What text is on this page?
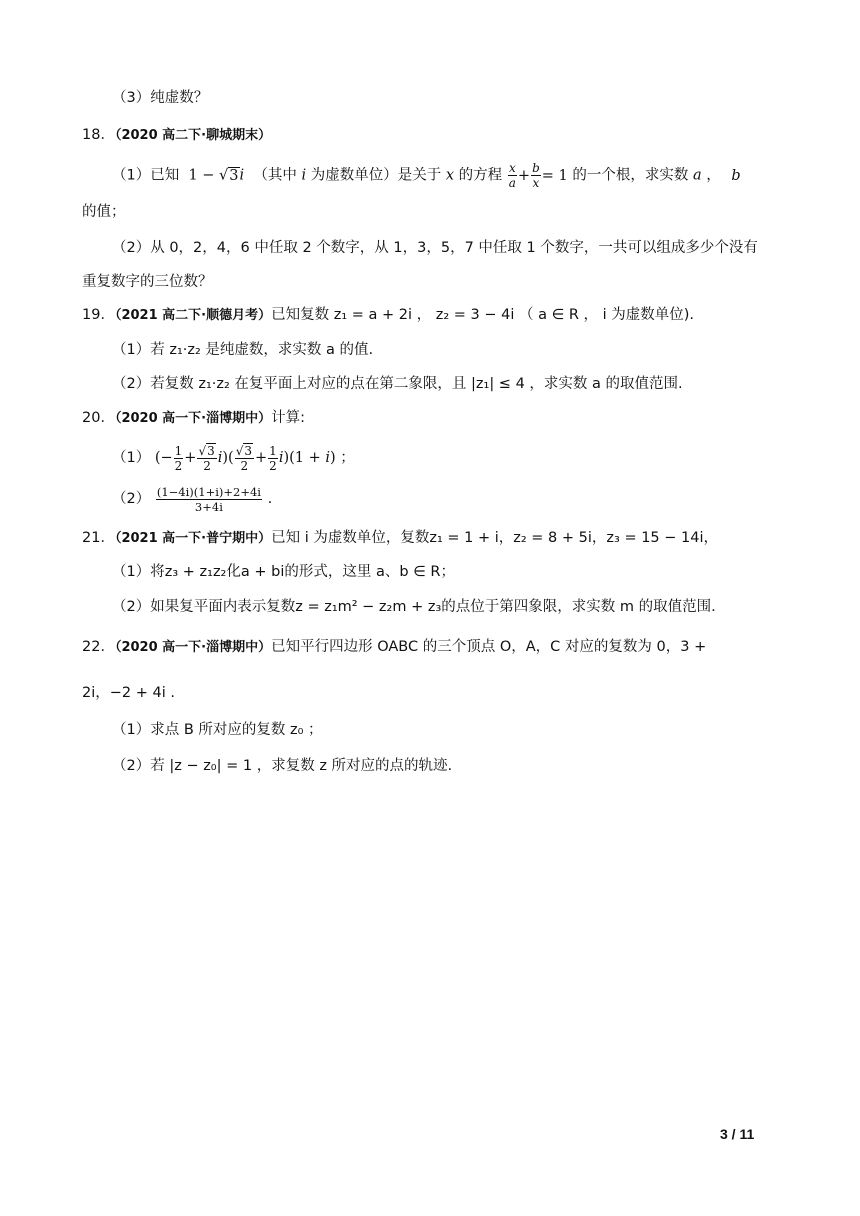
（3）纯虚数？
18．（2020 高二下·聊城期末）
（1）已知  1 − √3i （其中 i 为虚数单位）是关于 x 的方程 $\frac{x}{a} + \frac{b}{x} = 1$ 的一个根，求实数 a ， b
的值；
（2）从 0，2，4，6 中任取 2 个数字，从 1，3，5，7 中任取 1 个数字，一共可以组成多少个没有
重复数字的三位数？
19．（2021 高二下·顺德月考）已知复数 z₁ = a + 2i ， z₂ = 3 − 4i （ a ∈ R ， i 为虚数单位).
（1）若 z₁·z₂ 是纯虚数，求实数 a 的值.
（2）若复数 z₁·z₂ 在复平面上对应的点在第二象限，且 |z₁| ≤ 4 ，求实数 a 的取值范围.
20．（2020 高一下·淄博期中）计算:
（1） (− $\frac{1}{2} + \frac{√3}{2} i)( \frac{√3}{2} + \frac{1}{2} i)(1 + i)$ ；
$(2) \frac{(1-4i)(1+i)+2+4i}{3+4i}$ .
21．（2021 高一下·普宁期中）已知 i 为虚数单位，复数z₁ = 1 + i，z₂ = 8 + 5i，z₃ = 15 − 14i，
（1）将z₃ + z₁z₂化a + bi的形式，这里 a、b ∈ R；
（2）如果复平面内表示复数z = z₁m² − z₂m + z₃的点位于第四象限，求实数 m 的取值范围.
22．（2020 高一下·淄博期中）已知平行四边形 OABC 的三个顶点 O，A，C 对应的复数为 0，3 +
2i，−2 + 4i .
（1）求点 B 所对应的复数 z₀ ；
（2）若 |z − z₀| = 1 ，求复数 z 所对应的点的轨迹.
3 / 11
